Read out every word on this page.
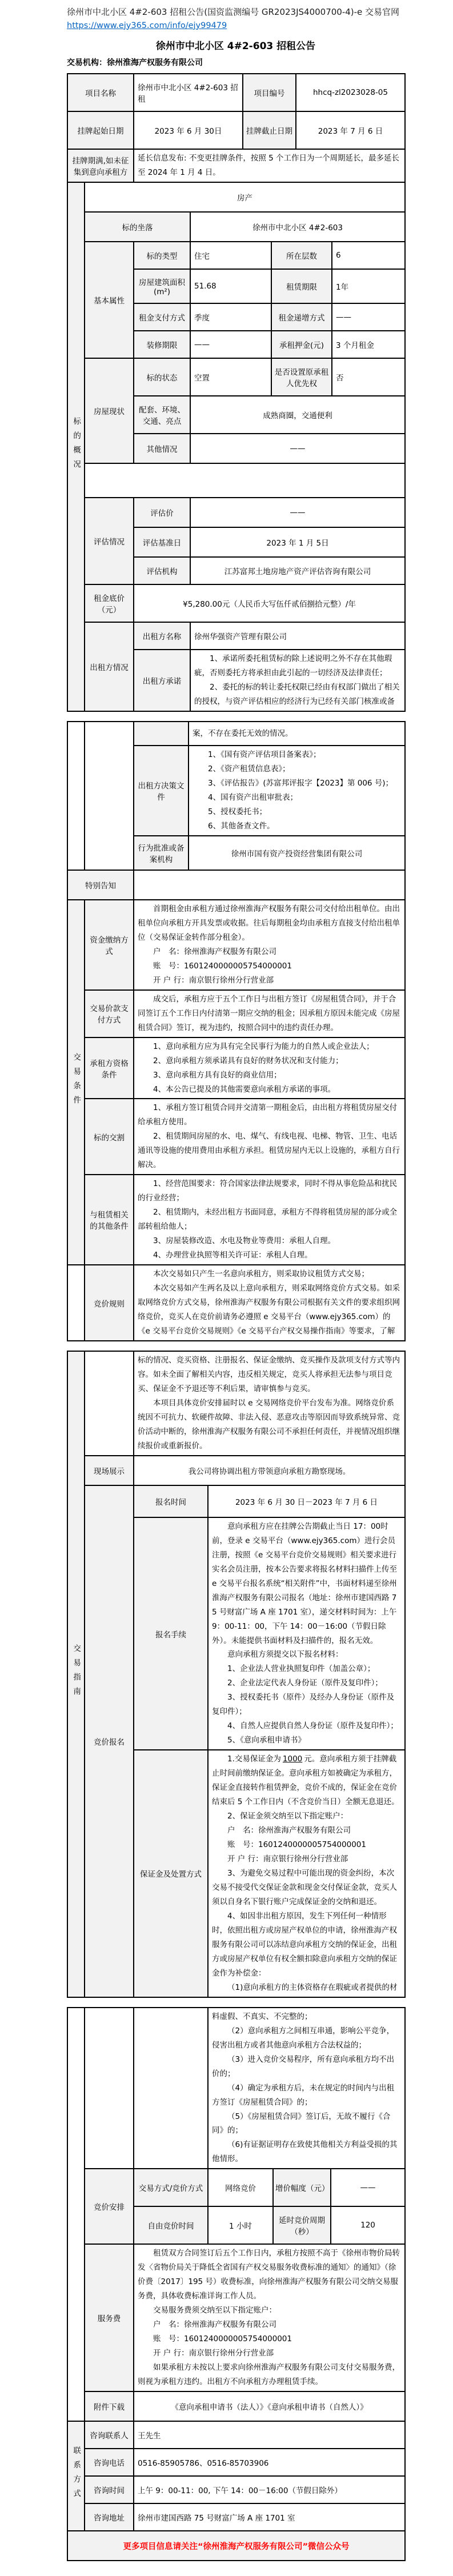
徐州市中北小区 4#2-603 招租公告(国资监测编号 GR2023JS4000700-4)-e 交易官网

https://www.ejy365.com/info/ejy99479
徐州市中北小区 4#2-603 招租公告

交易机构：徐州淮海产权服务有限公司

项目名称	徐州市中北小区 4#2-603 招租	项目编号	hhcq-zl2023028-05
挂牌起始日期	2023 年 6 月 30日	挂牌截止日期	2023 年 7 月 6 日
挂牌期满,如未征集到意向承租方	延长信息发布: 不变更挂牌条件，按照 5 个工作日为一个周期延长，最多延长至 2024 年 1 月 4 日。		

标的概况	房产				
	标的坐落		徐州市中北小区 4#2-603		
	基本属性	标的类型	住宅	所在层数	6
		房屋建筑面积(m²)	51.68	租赁期限	1年
		租金支付方式	季度	租金递增方式	——
		装修期限	——	承租押金(元)	3 个月租金
	房屋现状	标的状态	空置	是否设置原承租人优先权	否
		配套、环境、交通、亮点	成熟商圈，交通便利		
		其他情况	——		

	评估情况	评估价	——		
		评估基准日	2023 年 1 月 5日		
		评估机构	江苏富邦土地房地产资产评估咨询有限公司		
	租金底价（元）	¥5,280.00元（人民币大写伍仟贰佰捌拾元整）/年			
	出租方情况	出租方名称	徐州华强资产管理有限公司		
		出租方承诺	1、承诺所委托租赁标的除上述说明之外不存在其他瑕疵，否则委托方将承担由此引起的一切经济及法律责任；

2、委托的标的转让委托权限已经由有权部门做出了相关的授权，与资产评估相应的经济行为已经有关部门核准或备		

			案，不存在委托无效的情况。

出租方决策文件	

1、《国有资产评估项目备案表》；

2、《资产租赁信息表》；

3、《评估报告》(苏富邦评报字【2023】第 006 号)；

4、国有资产出租审批表；

5、授权委托书；

6、其他备查文件。

		行为批准或备案机构	徐州市国有资产投资经营集团有限公司
特别告知			
交易条件	资金缴纳方式	首期租金由承租方通过徐州淮海产权服务有限公司交付给出租单位。由出租单位向承租方开具发票或收据。往后每期租金均由承租方直接支付给出租单位（交易保证金转作部分租金）。

户　名：徐州淮海产权服务有限公司

账　号：1601240000005754000001

开 户 行：南京银行徐州分行营业部	

	交易价款支付方式	成交后，承租方应于五个工作日与出租方签订《房屋租赁合同》，并于合同签订五个工作日内付清第一期应交纳的租金；因承租方原因未能完成《房屋租赁合同》签订，视为违约，按照合同中的违约责任办理。	

	承租方资格条件	1、意向承租方应为具有完全民事行为能力的自然人或企业法人；

2、意向承租方须承诺具有良好的财务状况和支付能力；

3、意向承租方具有良好的商业信用；

4、本公告已提及的其他需要意向承租方承诺的事项。	

	标的交割	1、承租方签订租赁合同并交清第一期租金后，由出租方将租赁房屋交付给承租方使用。

2、租赁期间房屋的水、电、煤气、有线电视、电梯、物管、卫生、电话通讯等设施的使用费用由承租方承担。租赁房屋内无以上设施的，承租方自行解决。	

	与租赁相关的其他条件	1、经营范围要求：符合国家法律法规要求，同时不得从事危险品和扰民的行业经营；

2、租赁期内，未经出租方书面同意，承租方不得将租赁房屋的部分或全部转租给他人；

3、房屋装修改造、水电及物业等费用：承租人自理。

4、办理营业执照等相关许可证：承租人自理。	

	竞价规则	本次交易如只产生一名意向承租方，则采取协议租赁方式交易；

本次交易如产生两名及以上意向承租方，则采取网络竞价方式交易。如采取网络竞价方式交易，徐州淮海产权服务有限公司根据有关文件的要求组织网络竞价，竞买人在竞价前请务必遵照 e 交易平台（www.ejy365.com）的《e 交易平台竞价交易规则》《e 交易平台产权交易操作指南》等要求，了解	

交易指南		标的情况、竞买资格、注册报名、保证金缴纳、竞买操作及款项支付方式等内容。如未全面了解相关内容，违反相关规定，竞买人将承担无法参与项目竞买、保证金不予退还等不利后果，请审慎参与竞买。

本项目具体竞价安排届时以 e 交易网络竞价平台发布为准。网络竞价系统因不可抗力、软硬件故障、非法入侵、恶意攻击等原因而导致系统异常、竞价活动中断的，徐州淮海产权服务有限公司不承担任何责任，并视情况组织继续报价或重新报价。	

	现场展示	我公司将协调出租方带领意向承租方勘察现场。	
	竞价报名	报名时间	2023 年 6 月 30 日－2023 年 7 月 6 日
报名手续	

意向承租方应在挂牌公告期截止当日 17：00时前，登录 e 交易平台（www.ejy365.com）进行会员注册，按照《e 交易平台竞价交易规则》相关要求进行实名会员注册，按本公告要求将报名材料扫描件上传至 e 交易平台报名系统“相关附件”中，书面材料递至徐州淮海产权服务有限公司报名（地址：徐州市建国西路 75 号财富广场 A 座 1701 室），递交材料时间为：上午 9：00-11：00，下午 14：00－16:00（节假日除外）。未能提供书面材料及扫描件的，报名无效。

意向承租方须提交以下报名材料：

1、企业法人营业执照复印件（加盖公章）；

2、企业法定代表人身份证（原件及复印件）；

3、授权委托书（原件）及经办人身份证（原件及复印件）；

4、自然人应提供自然人身份证（原件及复印件）；

5、《意向承租申请书》

保证金及处置方式	

1.交易保证金为 1000 元。意向承租方须于挂牌截止时间前缴纳保证金。意向承租方如被确定为承租方，保证金直接转作租赁押金，竞价不成的，保证金在竞价结束后 5 个工作日内（不含竞价当日）全额无息退还。

2、保证金须交纳至以下指定账户：

户　名：徐州淮海产权服务有限公司

账　号：1601240000005754000001

开 户 行：南京银行徐州分行营业部

3、为避免交易过程中可能出现的资金纠纷，本次交易不接受代交保证金款和现金交付保证金款，竞买人须以自身名下银行账户完成保证金的交纳和退还。

4、如因非出租方原因，发生下列任何一种情形时，依照出租方或房屋产权单位的申请，徐州淮海产权服务有限公司可以冻结意向承租方交纳的保证金，出租方或房屋产权单位有权全额扣除意向承租方交纳的保证金作为补偿金：

（1)意向承租方的主体资格存在瑕疵或者提供的材

料虚假、不真实、不完整的；

（2）意向承租方之间相互串通，影响公平竞争，侵害出租方或者其他意向承租方合法权益的；

（3）进入竞价交易程序，所有意向承租方均不出价的；

（4）确定为承租方后，未在规定的时间内与出租方签订《房屋租赁合同》的；

（5）《房屋租赁合同》签订后，无故不履行《合同》的；

（6)有证据证明存在致使其他相关方利益受损的其他情形。

	竞价安排	交易方式/竞价方式	网络竞价	增价幅度（元）	——
		自由竞价时间	1 小时	延时竞价周期（秒）	120
服务费	

租赁双方合同签订后五个工作日内，承租方按照不高于《徐州市物价局转发〈省物价局关于降低全省国有产权交易服务收费标准的通知〉的通知》（徐价费〔2017〕195 号）收费标准，向徐州淮海产权服务有限公司交纳交易服务费，具体收费标准详询工作人员。

交易服务费须交纳至以下指定账户：

户　名：徐州淮海产权服务有限公司

账　号：1601240000005754000001

开 户 行：南京银行徐州分行营业部

如果承租方未按以上要求向徐州淮海产权服务有限公司支付交易服务费，则视为承租方违约。出租方不向承租方办理租赁手续。

	附件下载	《意向承租申请书（法人）》《意向承租申请书（自然人）》			
联系方式	咨询联系人	王先生			
	咨询电话	0516-85905786、0516-85703906			
	咨询时间	上午 9：00-11：00, 下午 14：00－16:00（节假日除外）			
	咨询地址	徐州市建国西路 75 号财富广场 A 座 1701 室			
更多项目信息请关注“徐州淮海产权服务有限公司”微信公众号					
